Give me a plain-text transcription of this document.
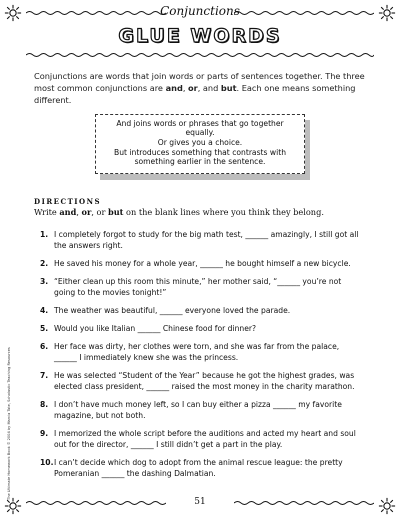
Conjunctions
GLUE WORDS
Conjunctions are words that join words or parts of sentences together. The three most common conjunctions are and, or, and but. Each one means something different.
And joins words or phrases that go together equally.
Or gives you a choice.
But introduces something that contrasts with something earlier in the sentence.
DIRECTIONS
Write and, or, or but on the blank lines where you think they belong.
1. I completely forgot to study for the big math test, ______ amazingly, I still got all the answers right.
2. He saved his money for a whole year, ______ he bought himself a new bicycle.
3. “Either clean up this room this minute,” her mother said, “______ you’re not going to the movies tonight!”
4. The weather was beautiful, ______ everyone loved the parade.
5. Would you like Italian ______ Chinese food for dinner?
6. Her face was dirty, her clothes were torn, and she was far from the palace, ______ I immediately knew she was the princess.
7. He was selected “Student of the Year” because he got the highest grades, was elected class president, ______ raised the most money in the charity marathon.
8. I don’t have much money left, so I can buy either a pizza ______ my favorite magazine, but not both.
9. I memorized the whole script before the auditions and acted my heart and soul out for the director, ______ I still didn’t get a part in the play.
10. I can’t decide which dog to adopt from the animal rescue league: the pretty Pomeranian ______ the dashing Dalmatian.
The Ultimate Homework Book © 2004 by Marcia Tate, Scholastic Teaching Resources
51
